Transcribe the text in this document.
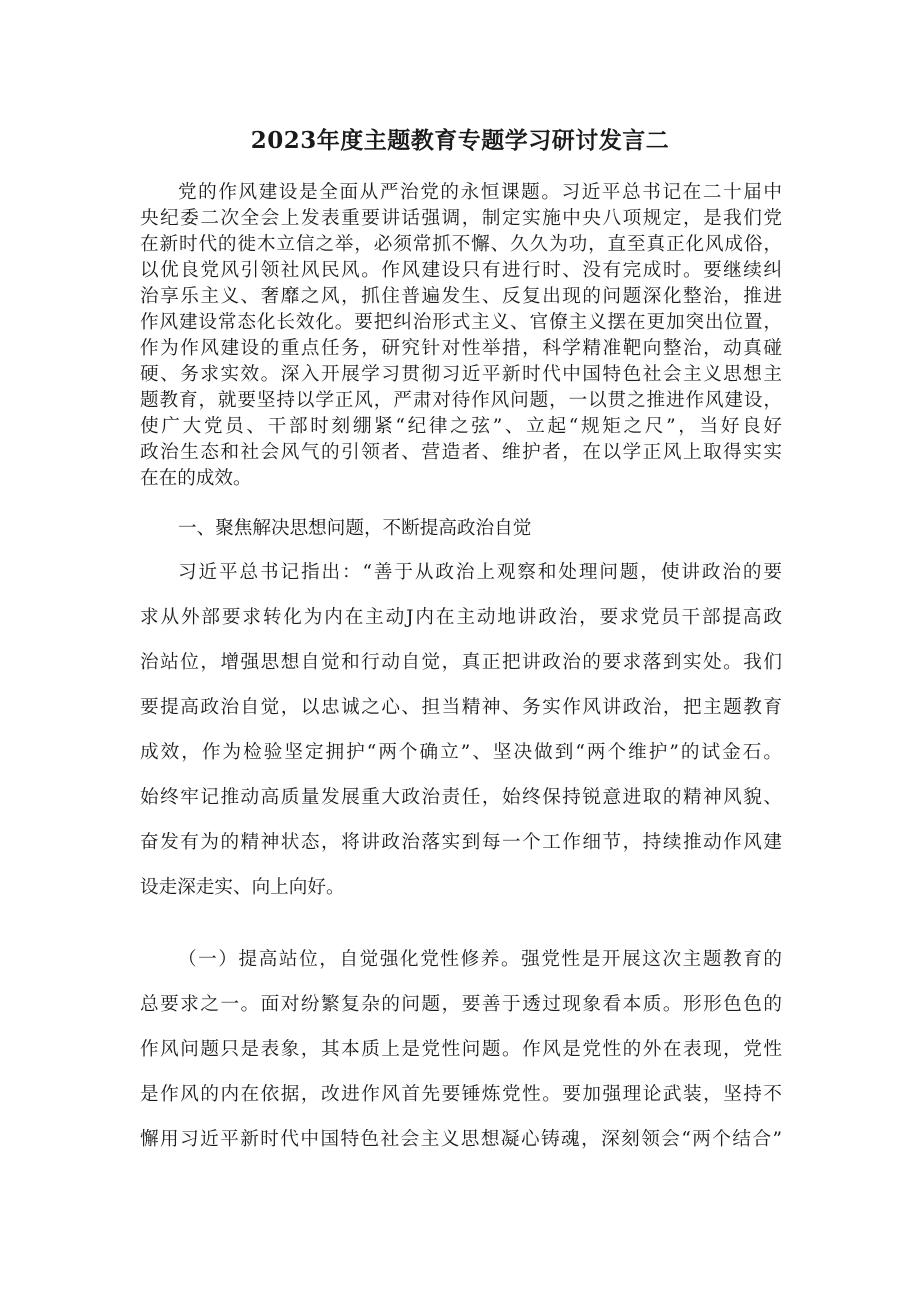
2023年度主题教育专题学习研讨发言二
党的作风建设是全面从严治党的永恒课题。习近平总书记在二十届中
央纪委二次全会上发表重要讲话强调，制定实施中央八项规定，是我们党
在新时代的徙木立信之举，必须常抓不懈、久久为功，直至真正化风成俗，
以优良党风引领社风民风。作风建设只有进行时、没有完成时。要继续纠
治享乐主义、奢靡之风，抓住普遍发生、反复出现的问题深化整治，推进
作风建设常态化长效化。要把纠治形式主义、官僚主义摆在更加突出位置，
作为作风建设的重点任务，研究针对性举措，科学精准靶向整治，动真碰
硬、务求实效。深入开展学习贯彻习近平新时代中国特色社会主义思想主
题教育，就要坚持以学正风，严肃对待作风问题，一以贯之推进作风建设，
使广大党员、干部时刻绷紧“纪律之弦”、立起“规矩之尺”，当好良好
政治生态和社会风气的引领者、营造者、维护者，在以学正风上取得实实
在在的成效。
一、聚焦解决思想问题，不断提高政治自觉
习近平总书记指出：“善于从政治上观察和处理问题，使讲政治的要
求从外部要求转化为内在主动J内在主动地讲政治，要求党员干部提高政
治站位，增强思想自觉和行动自觉，真正把讲政治的要求落到实处。我们
要提高政治自觉，以忠诚之心、担当精神、务实作风讲政治，把主题教育
成效，作为检验坚定拥护“两个确立”、坚决做到“两个维护”的试金石。
始终牢记推动高质量发展重大政治责任，始终保持锐意进取的精神风貌、
奋发有为的精神状态，将讲政治落实到每一个工作细节，持续推动作风建
设走深走实、向上向好。
（一）提高站位，自觉强化党性修养。强党性是开展这次主题教育的
总要求之一。面对纷繁复杂的问题，要善于透过现象看本质。形形色色的
作风问题只是表象，其本质上是党性问题。作风是党性的外在表现，党性
是作风的内在依据，改进作风首先要锤炼党性。要加强理论武装，坚持不
懈用习近平新时代中国特色社会主义思想凝心铸魂，深刻领会“两个结合”
